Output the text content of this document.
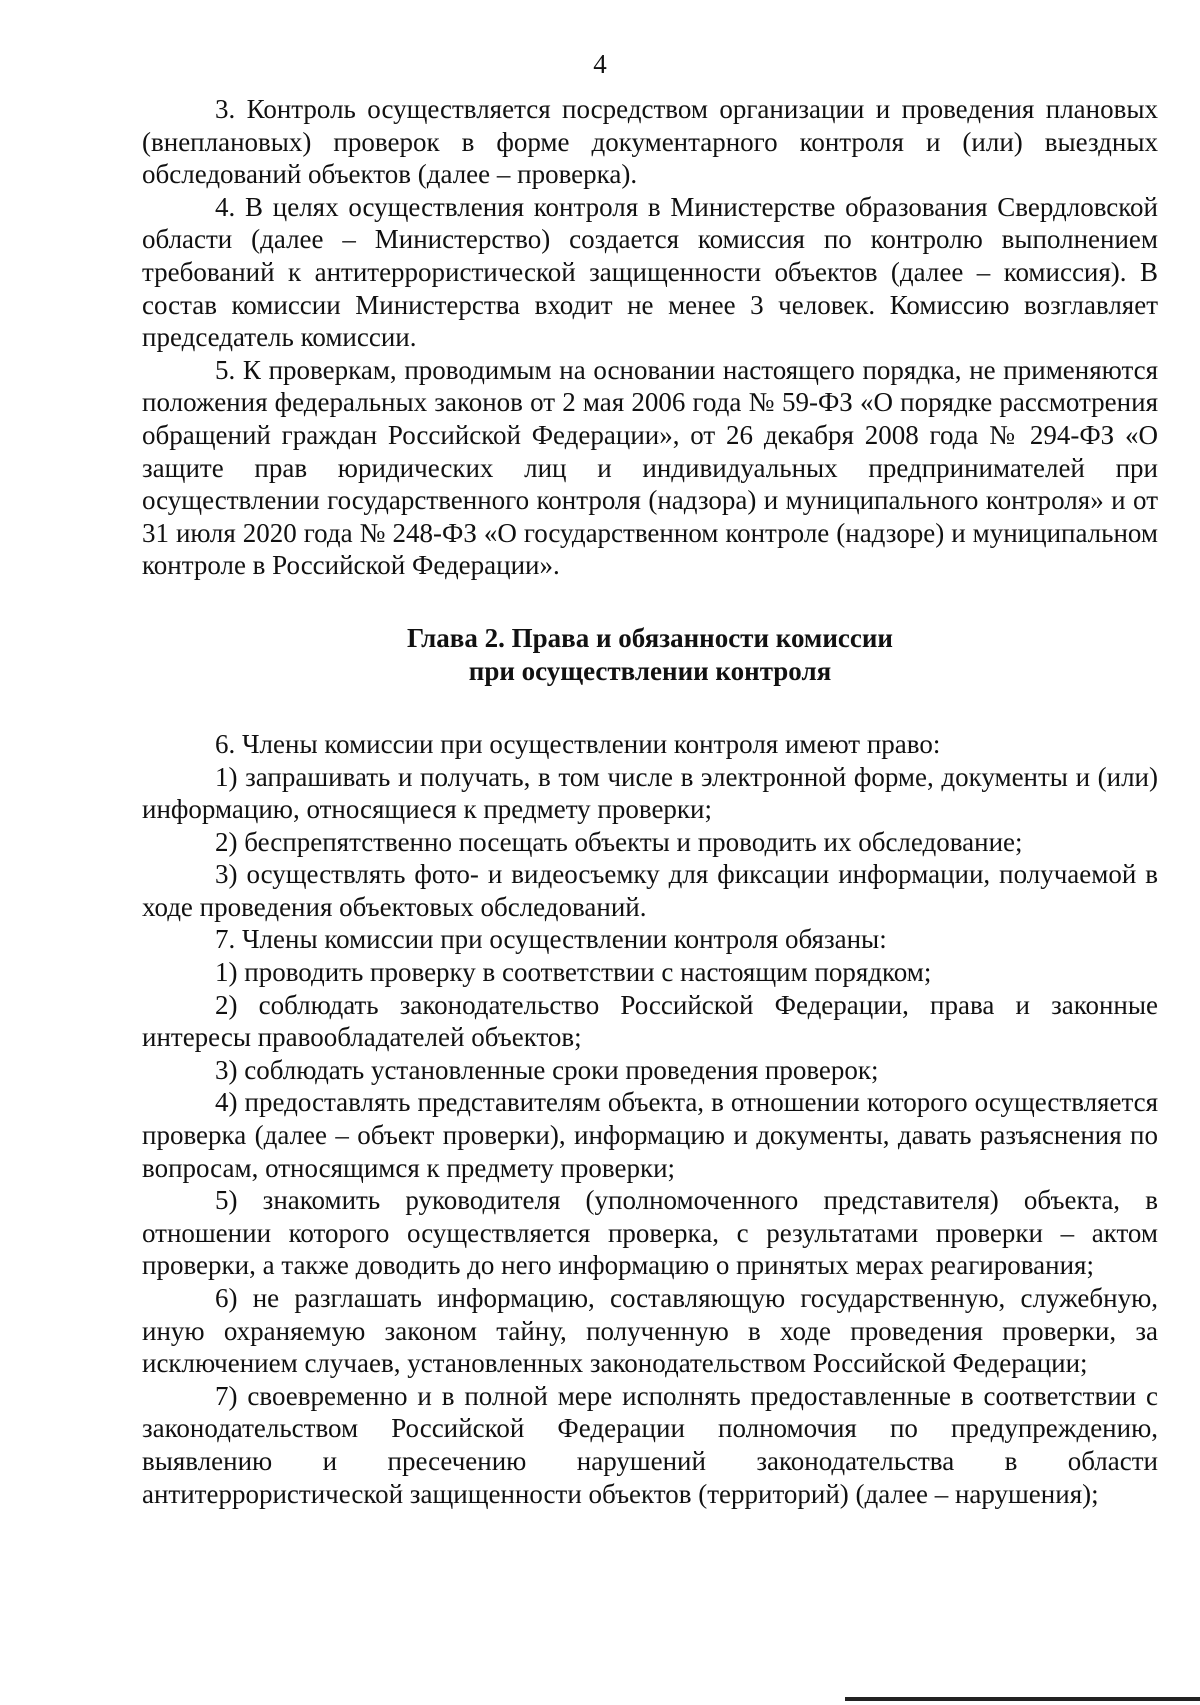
4

3. Контроль осуществляется посредством организации и проведения плановых (внеплановых) проверок в форме документарного контроля и (или) выездных обследований объектов (далее – проверка).

4. В целях осуществления контроля в Министерстве образования Свердловской области (далее – Министерство) создается комиссия по контролю выполнением требований к антитеррористической защищенности объектов (далее – комиссия). В состав комиссии Министерства входит не менее 3 человек. Комиссию возглавляет председатель комиссии.

5. К проверкам, проводимым на основании настоящего порядка, не применяются положения федеральных законов от 2 мая 2006 года № 59-ФЗ «О порядке рассмотрения обращений граждан Российской Федерации», от 26 декабря 2008 года № 294-ФЗ «О защите прав юридических лиц и индивидуальных предпринимателей при осуществлении государственного контроля (надзора) и муниципального контроля» и от 31 июля 2020 года № 248-ФЗ «О государственном контроле (надзоре) и муниципальном контроле в Российской Федерации».

Глава 2. Права и обязанности комиссии
при осуществлении контроля

6. Члены комиссии при осуществлении контроля имеют право:

1) запрашивать и получать, в том числе в электронной форме, документы и (или) информацию, относящиеся к предмету проверки;

2) беспрепятственно посещать объекты и проводить их обследование;

3) осуществлять фото- и видеосъемку для фиксации информации, получаемой в ходе проведения объектовых обследований.

7. Члены комиссии при осуществлении контроля обязаны:

1) проводить проверку в соответствии с настоящим порядком;

2) соблюдать законодательство Российской Федерации, права и законные интересы правообладателей объектов;

3) соблюдать установленные сроки проведения проверок;

4) предоставлять представителям объекта, в отношении которого осуществляется проверка (далее – объект проверки), информацию и документы, давать разъяснения по вопросам, относящимся к предмету проверки;

5) знакомить руководителя (уполномоченного представителя) объекта, в отношении которого осуществляется проверка, с результатами проверки – актом проверки, а также доводить до него информацию о принятых мерах реагирования;

6) не разглашать информацию, составляющую государственную, служебную, иную охраняемую законом тайну, полученную в ходе проведения проверки, за исключением случаев, установленных законодательством Российской Федерации;

7) своевременно и в полной мере исполнять предоставленные в соответствии с законодательством Российской Федерации полномочия по предупреждению, выявлению и пресечению нарушений законодательства в области антитеррористической защищенности объектов (территорий) (далее – нарушения);
